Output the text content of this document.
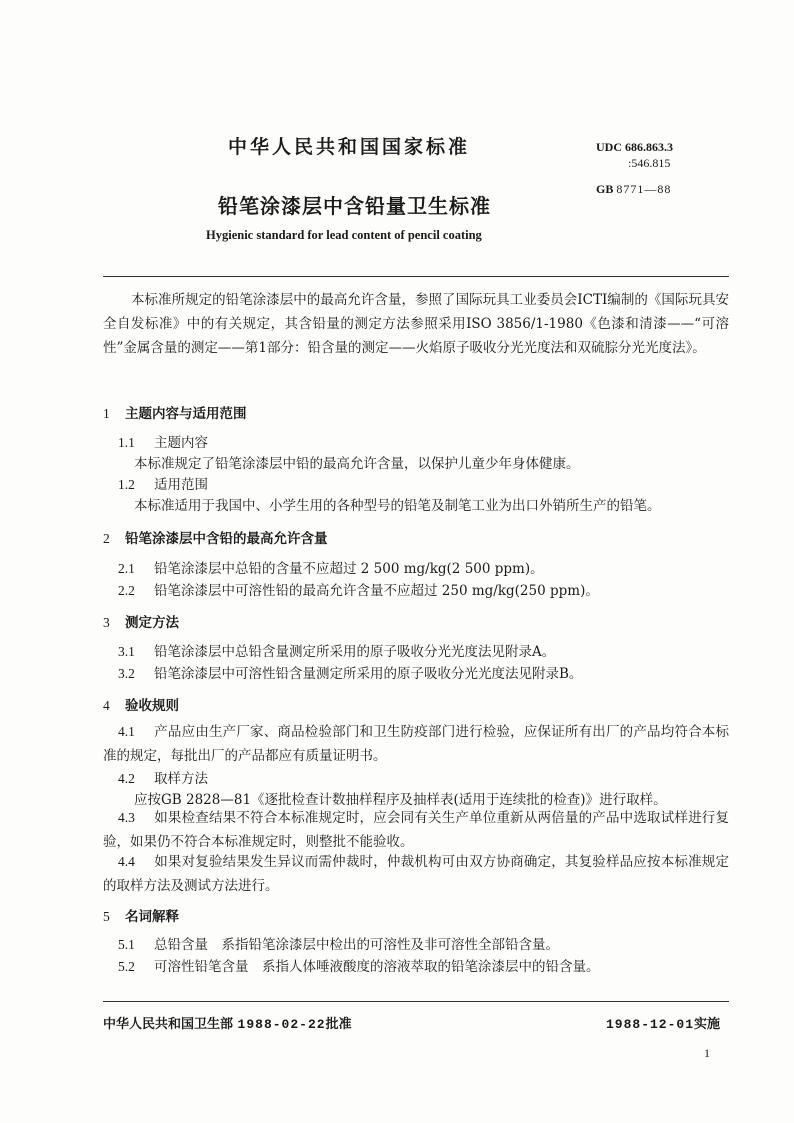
中华人民共和国国家标准	UDC 686.863.3
:546.815
GB 8771—88
铅笔涂漆层中含铅量卫生标准
Hygienic standard for lead content of pencil coating
本标准所规定的铅笔涂漆层中的最高允许含量，参照了国际玩具工业委员会ICTI编制的《国际玩具安全自发标准》中的有关规定，其含铅量的测定方法参照采用ISO 3856/1-1980《色漆和清漆——“可溶性”金属含量的测定——第1部分：铅含量的测定——火焰原子吸收分光光度法和双硫腙分光光度法》。
1 主题内容与适用范围
1.1 主题内容
本标准规定了铅笔涂漆层中铅的最高允许含量，以保护儿童少年身体健康。
1.2 适用范围
本标准适用于我国中、小学生用的各种型号的铅笔及制笔工业为出口外销所生产的铅笔。
2 铅笔涂漆层中含铅的最高允许含量
2.1 铅笔涂漆层中总铅的含量不应超过 2 500 mg/kg(2 500 ppm)。
2.2 铅笔涂漆层中可溶性铅的最高允许含量不应超过 250 mg/kg(250 ppm)。
3 测定方法
3.1 铅笔涂漆层中总铅含量测定所采用的原子吸收分光光度法见附录A。
3.2 铅笔涂漆层中可溶性铅含量测定所采用的原子吸收分光光度法见附录B。
4 验收规则
4.1 产品应由生产厂家、商品检验部门和卫生防疫部门进行检验，应保证所有出厂的产品均符合本标准的规定，每批出厂的产品都应有质量证明书。
4.2 取样方法
应按GB 2828—81《逐批检查计数抽样程序及抽样表(适用于连续批的检查)》进行取样。
4.3 如果检查结果不符合本标准规定时，应会同有关生产单位重新从两倍量的产品中选取试样进行复验，如果仍不符合本标准规定时，则整批不能验收。
4.4 如果对复验结果发生异议而需仲裁时，仲裁机构可由双方协商确定，其复验样品应按本标准规定的取样方法及测试方法进行。
5 名词解释
5.1 总铅含量　系指铅笔涂漆层中检出的可溶性及非可溶性全部铅含量。
5.2 可溶性铅笔含量　系指人体唾液酸度的溶液萃取的铅笔涂漆层中的铅含量。
中华人民共和国卫生部 1988-02-22批准	1988-12-01实施
1
